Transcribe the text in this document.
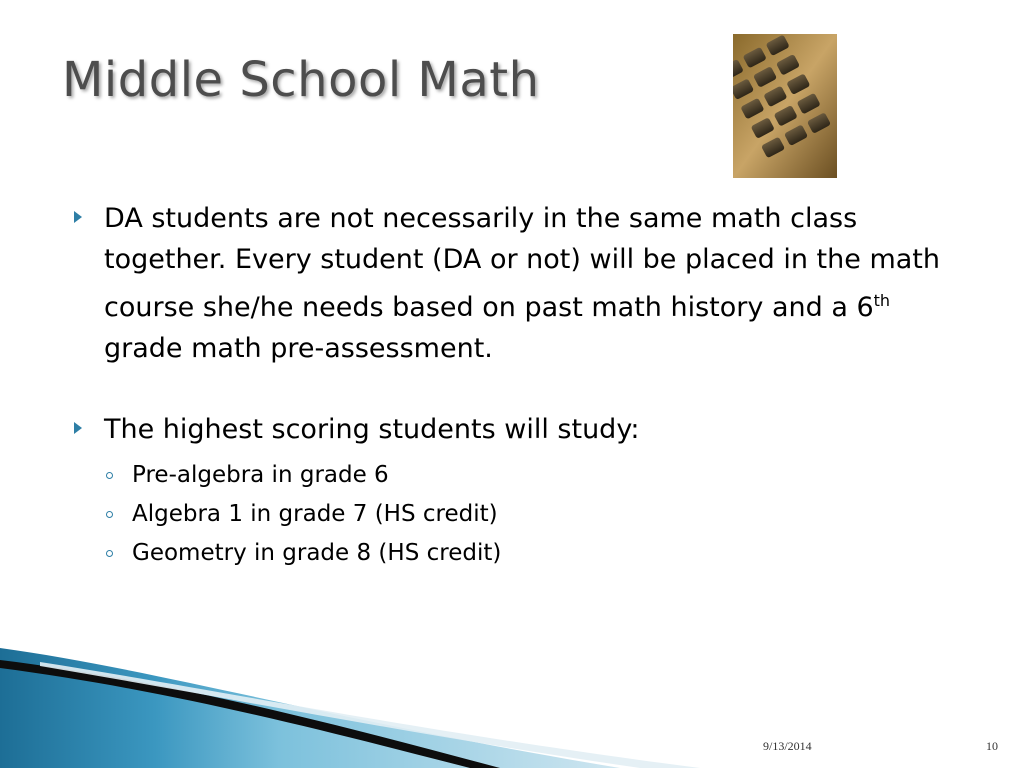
Middle School Math
DA students are not necessarily in the same math class together. Every student (DA or not) will be placed in the math course she/he needs based on past math history and a 6th grade math pre-assessment.
The highest scoring students will study:
Pre-algebra in grade 6
Algebra 1 in grade 7 (HS credit)
Geometry in grade 8 (HS credit)
9/13/2014	10
